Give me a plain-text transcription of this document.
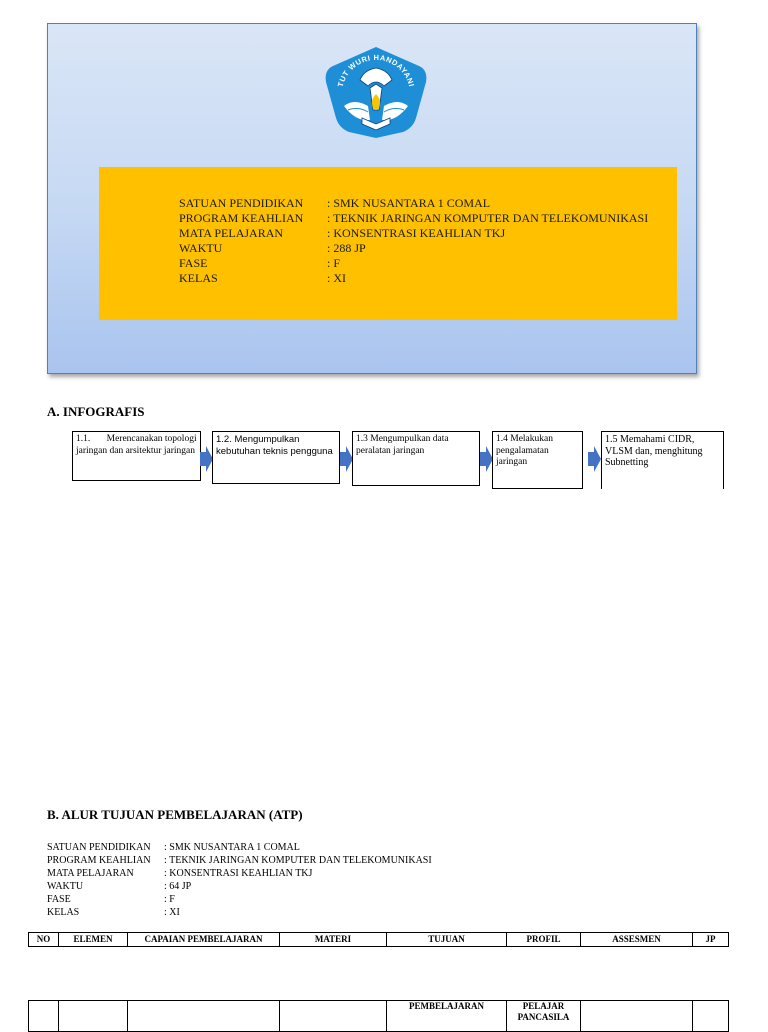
TUT WURI HANDAYANI
SATUAN PENDIDIKAN : SMK NUSANTARA 1 COMAL
PROGRAM KEAHLIAN : TEKNIK JARINGAN KOMPUTER DAN TELEKOMUNIKASI
MATA PELAJARAN	: KONSENTRASI KEAHLIAN TKJ
WAKTU	: 288 JP
FASE	: F
KELAS	: XI
A. INFOGRAFIS
1.1. Merencanakan topologi jaringan dan arsitektur jaringan
1.2. Mengumpulkan kebutuhan teknis pengguna
1.3 Mengumpulkan data peralatan jaringan
1.4 Melakukan pengalamatan jaringan
1.5 Memahami CIDR, VLSM dan, menghitung Subnetting
B. ALUR TUJUAN PEMBELAJARAN (ATP)
SATUAN PENDIDIKAN : SMK NUSANTARA 1 COMAL
PROGRAM KEAHLIAN : TEKNIK JARINGAN KOMPUTER DAN TELEKOMUNIKASI
MATA PELAJARAN	: KONSENTRASI KEAHLIAN TKJ
WAKTU	: 64 JP
FASE	: F
KELAS	: XI
NO	ELEMEN	CAPAIAN PEMBELAJARAN	MATERI	TUJUAN	PROFIL	ASSESMEN	JP
				PEMBELAJARAN	PELAJAR PANCASILA		
